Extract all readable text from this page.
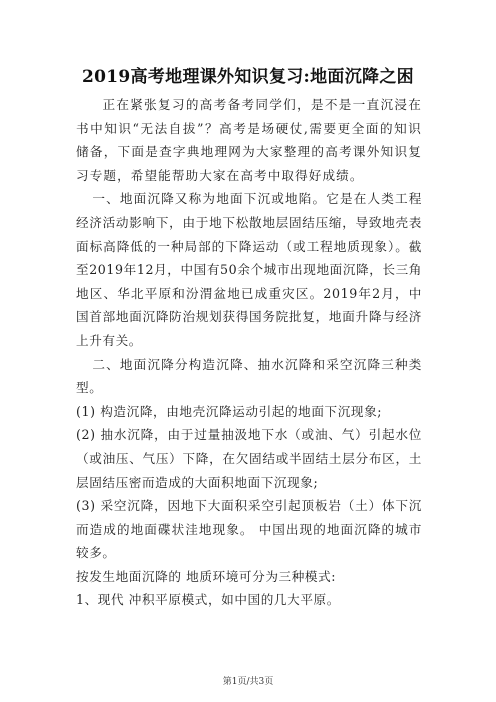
2019高考地理课外知识复习:地面沉降之困

正在紧张复习的高考备考同学们，是不是一直沉浸在书中知识“无法自拔”？高考是场硬仗,需要更全面的知识储备，下面是查字典地理网为大家整理的高考课外知识复习专题，希望能帮助大家在高考中取得好成绩。

一、地面沉降又称为地面下沉或地陷。它是在人类工程经济活动影响下，由于地下松散地层固结压缩，导致地壳表面标高降低的一种局部的下降运动（或工程地质现象）。截至2019年12月，中国有50余个城市出现地面沉降，长三角地区、华北平原和汾渭盆地已成重灾区。2019年2月，中国首部地面沉降防治规划获得国务院批复，地面升降与经济上升有关。

二、地面沉降分构造沉降、抽水沉降和采空沉降三种类型。

(1) 构造沉降，由地壳沉降运动引起的地面下沉现象;

(2) 抽水沉降，由于过量抽汲地下水（或油、气）引起水位（或油压、气压）下降，在欠固结或半固结土层分布区，土层固结压密而造成的大面积地面下沉现象;

(3) 采空沉降，因地下大面积采空引起顶板岩（土）体下沉而造成的地面碟状洼地现象。 中国出现的地面沉降的城市较多。

按发生地面沉降的 地质环境可分为三种模式:

1、现代 冲积平原模式，如中国的几大平原。

第1页/共3页
